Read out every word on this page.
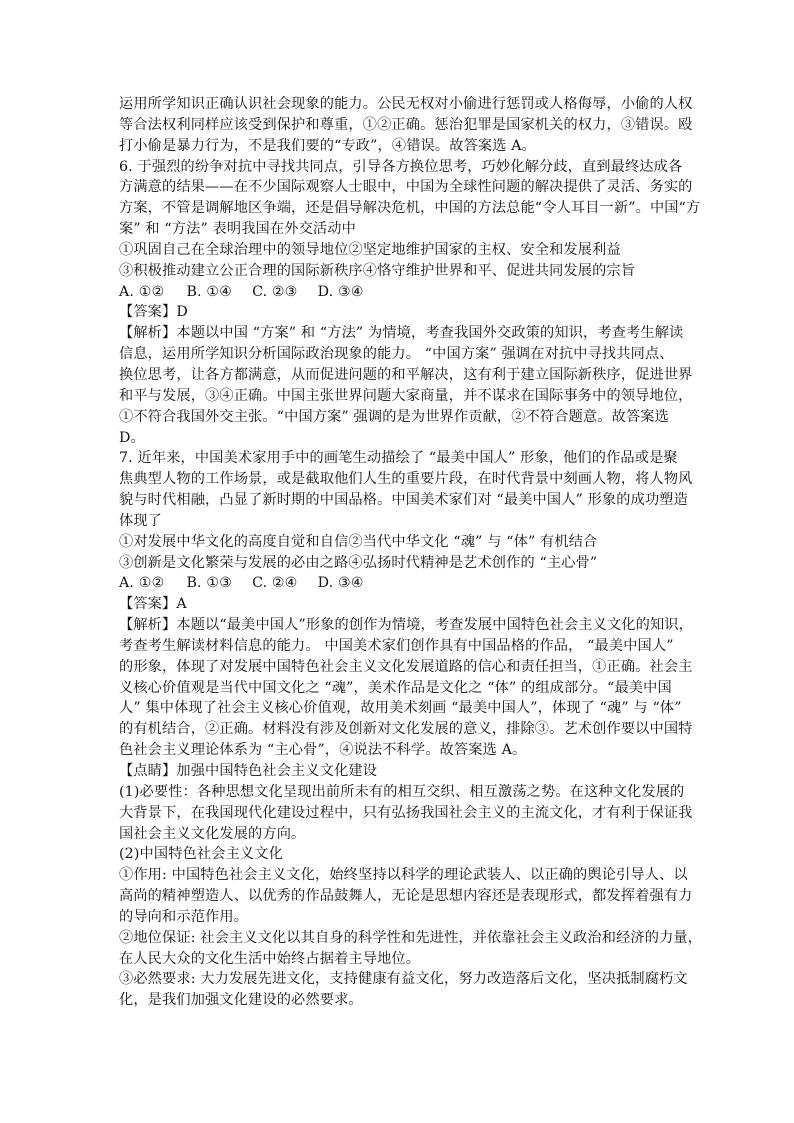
运用所学知识正确认识社会现象的能力。公民无权对小偷进行惩罚或人格侮辱，小偷的人权
等合法权利同样应该受到保护和尊重，①②正确。惩治犯罪是国家机关的权力，③错误。殴
打小偷是暴力行为，不是我们要的“专政”，④错误。故答案选 A。
6. 于强烈的纷争对抗中寻找共同点，引导各方换位思考，巧妙化解分歧，直到最终达成各
方满意的结果——在不少国际观察人士眼中，中国为全球性问题的解决提供了灵活、务实的
方案，不管是调解地区争端，还是倡导解决危机，中国的方法总能“令人耳目一新”。中国“方
案” 和 “方法” 表明我国在外交活动中
①巩固自己在全球治理中的领导地位②坚定地维护国家的主权、安全和发展利益
③积极推动建立公正合理的国际新秩序④恪守维护世界和平、促进共同发展的宗旨
A. ①② B. ①④ C. ②③ D. ③④
【答案】D
【解析】本题以中国 “方案” 和 “方法” 为情境，考查我国外交政策的知识，考查考生解读
信息，运用所学知识分析国际政治现象的能力。 “中国方案” 强调在对抗中寻找共同点、
换位思考，让各方都满意，从而促进问题的和平解决，这有利于建立国际新秩序，促进世界
和平与发展，③④正确。中国主张世界问题大家商量，并不谋求在国际事务中的领导地位，
①不符合我国外交主张。“中国方案” 强调的是为世界作贡献，②不符合题意。故答案选
D。
7. 近年来，中国美术家用手中的画笔生动描绘了 “最美中国人” 形象，他们的作品或是聚
焦典型人物的工作场景，或是截取他们人生的重要片段，在时代背景中刻画人物，将人物风
貌与时代相融，凸显了新时期的中国品格。中国美术家们对 “最美中国人” 形象的成功塑造
体现了
①对发展中华文化的高度自觉和自信②当代中华文化 “魂” 与 “体” 有机结合
③创新是文化繁荣与发展的必由之路④弘扬时代精神是艺术创作的 “主心骨”
A. ①② B. ①③ C. ②④ D. ③④
【答案】A
【解析】本题以“最美中国人”形象的创作为情境，考查发展中国特色社会主义文化的知识，
考查考生解读材料信息的能力。 中国美术家们创作具有中国品格的作品， “最美中国人”
的形象，体现了对发展中国特色社会主义文化发展道路的信心和责任担当，①正确。社会主
义核心价值观是当代中国文化之 “魂”，美术作品是文化之 “体” 的组成部分。“最美中国
人” 集中体现了社会主义核心价值观，故用美术刻画 “最美中国人”，体现了 “魂” 与 “体”
的有机结合，②正确。材料没有涉及创新对文化发展的意义，排除③。艺术创作要以中国特
色社会主义理论体系为 “主心骨”，④说法不科学。故答案选 A。
【点睛】加强中国特色社会主义文化建设
(1)必要性：各种思想文化呈现出前所未有的相互交织、相互激荡之势。在这种文化发展的
大背景下，在我国现代化建设过程中，只有弘扬我国社会主义的主流文化，才有利于保证我
国社会主义文化发展的方向。
(2)中国特色社会主义文化
①作用: 中国特色社会主义文化，始终坚持以科学的理论武装人、以正确的舆论引导人、以
高尚的精神塑造人、以优秀的作品鼓舞人，无论是思想内容还是表现形式，都发挥着强有力
的导向和示范作用。
②地位保证: 社会主义文化以其自身的科学性和先进性，并依靠社会主义政治和经济的力量，
在人民大众的文化生活中始终占据着主导地位。
③必然要求: 大力发展先进文化，支持健康有益文化，努力改造落后文化，坚决抵制腐朽文
化，是我们加强文化建设的必然要求。
